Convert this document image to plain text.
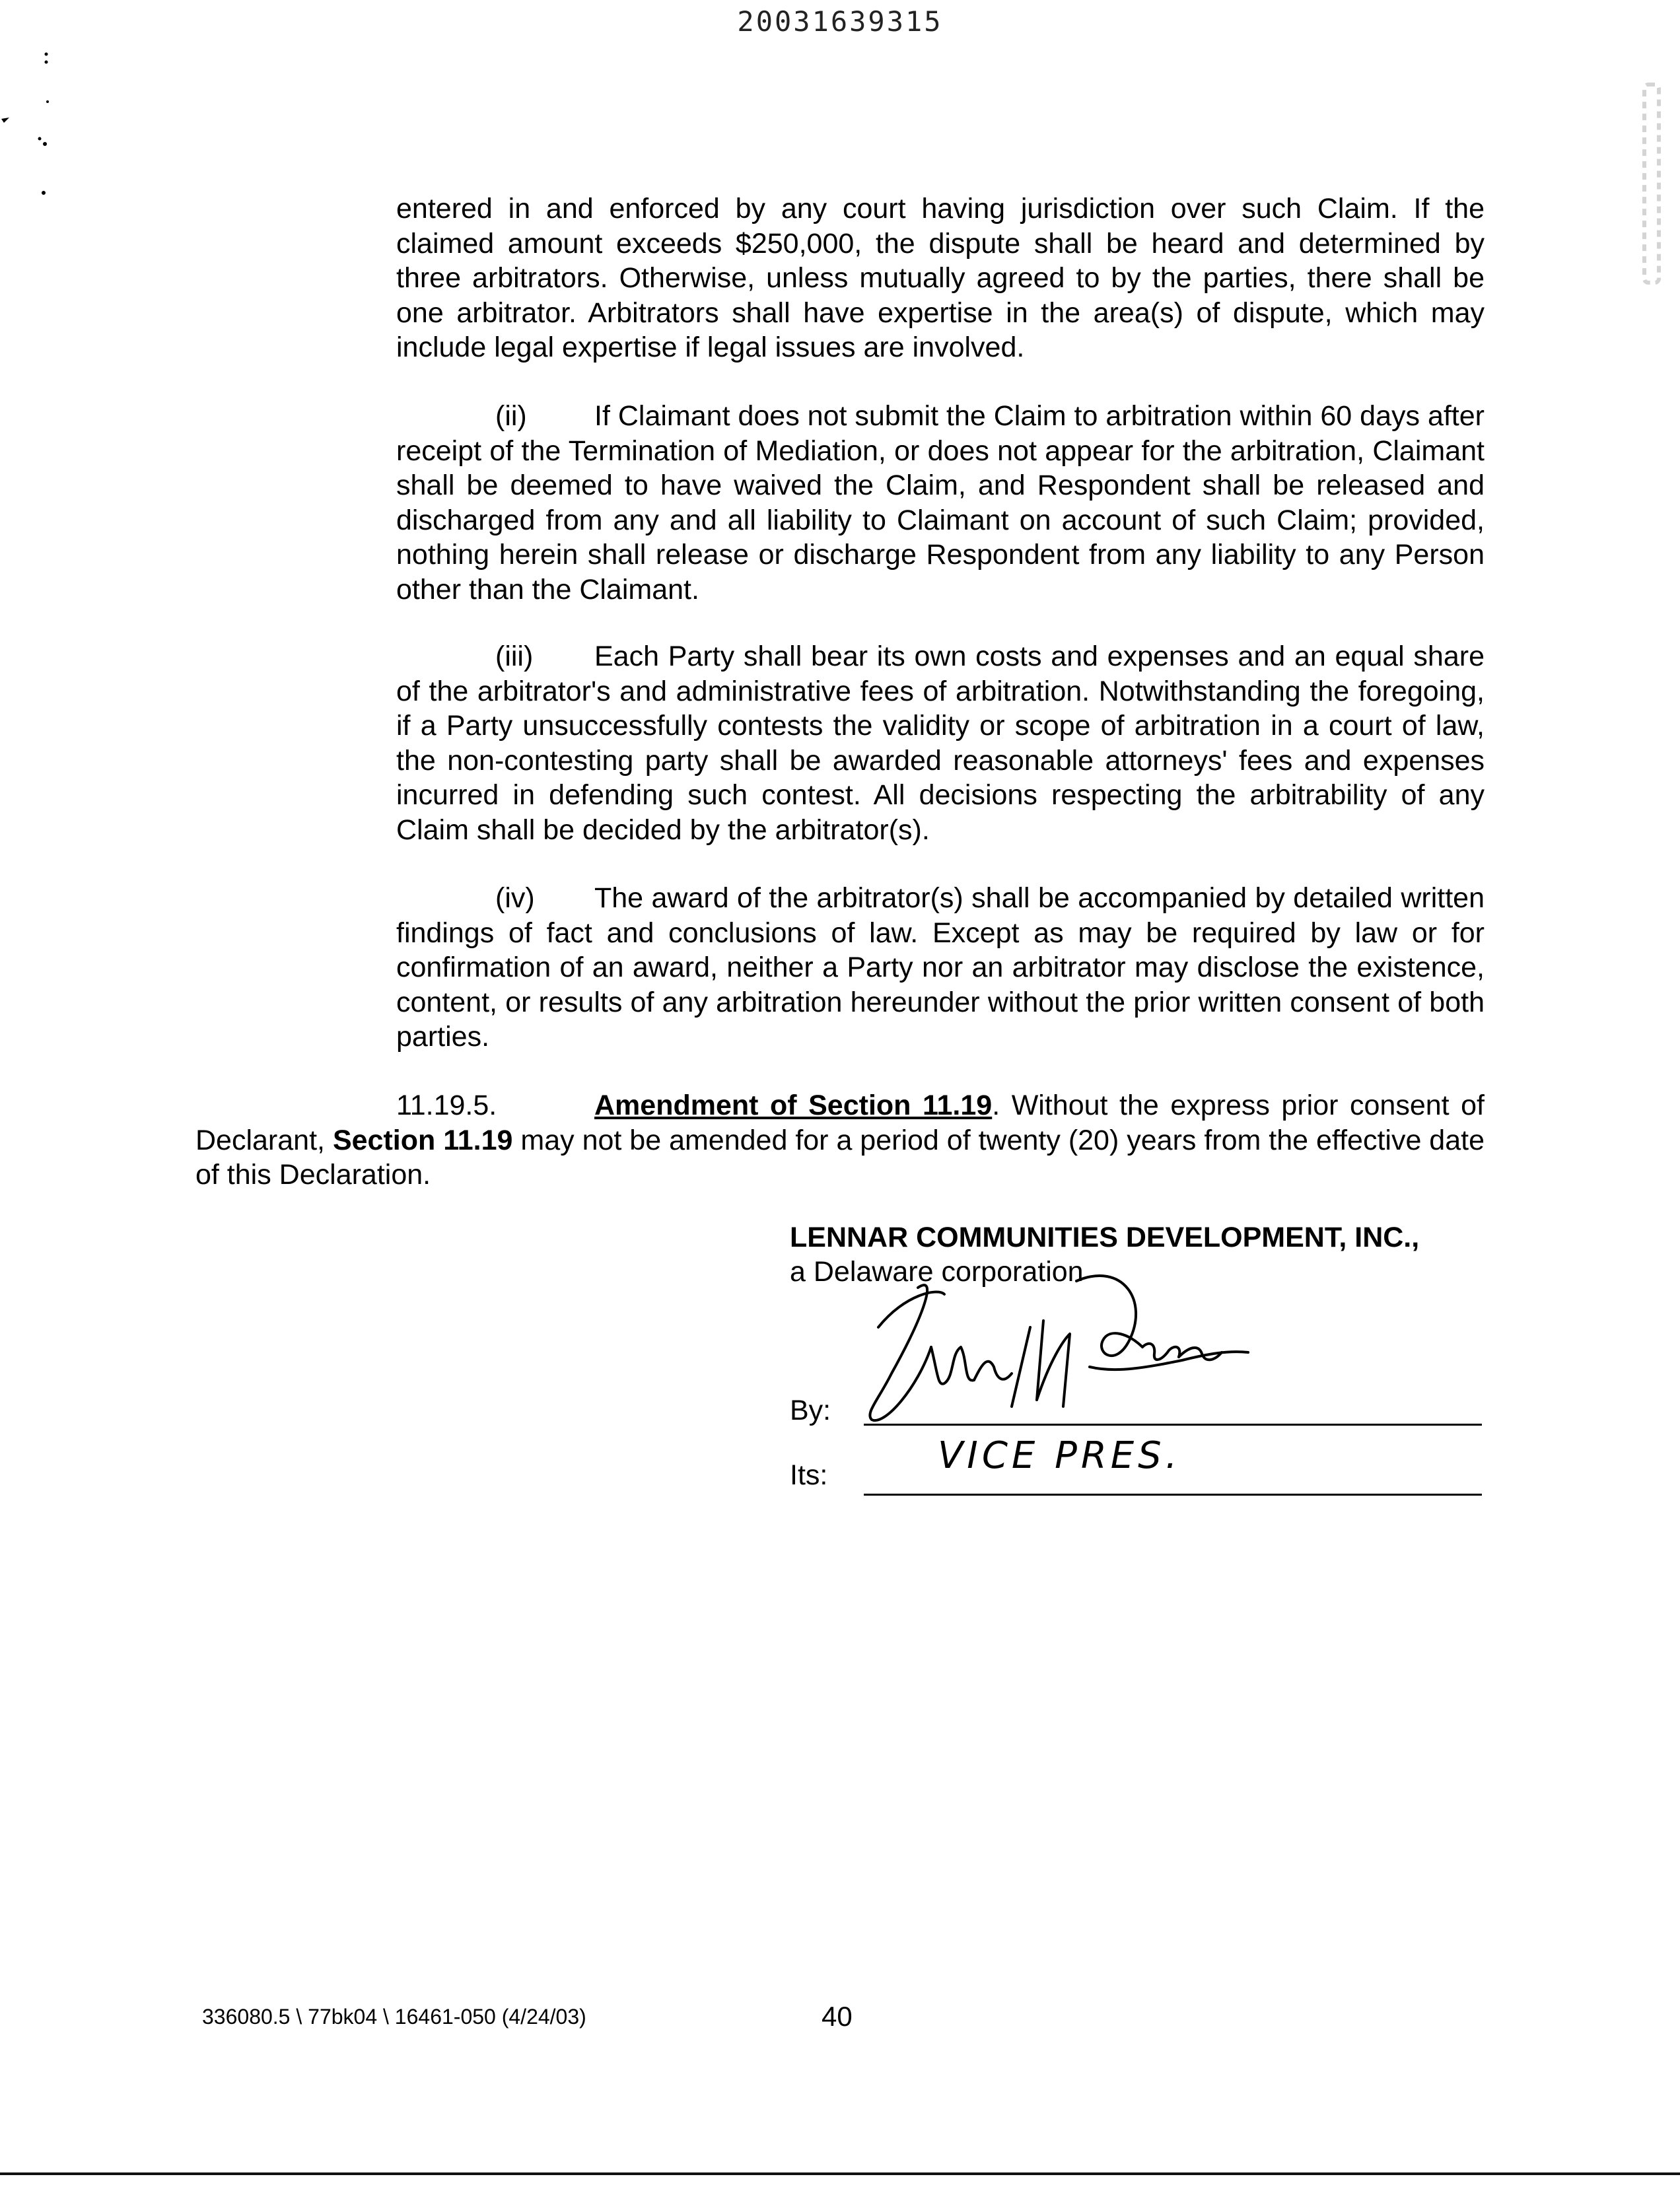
20031639315

entered in and enforced by any court having jurisdiction over such Claim. If the claimed amount exceeds $250,000, the dispute shall be heard and determined by three arbitrators. Otherwise, unless mutually agreed to by the parties, there shall be one arbitrator. Arbitrators shall have expertise in the area(s) of dispute, which may include legal expertise if legal issues are involved.

(ii) If Claimant does not submit the Claim to arbitration within 60 days after receipt of the Termination of Mediation, or does not appear for the arbitration, Claimant shall be deemed to have waived the Claim, and Respondent shall be released and discharged from any and all liability to Claimant on account of such Claim; provided, nothing herein shall release or discharge Respondent from any liability to any Person other than the Claimant.

(iii) Each Party shall bear its own costs and expenses and an equal share of the arbitrator's and administrative fees of arbitration. Notwithstanding the foregoing, if a Party unsuccessfully contests the validity or scope of arbitration in a court of law, the non-contesting party shall be awarded reasonable attorneys' fees and expenses incurred in defending such contest. All decisions respecting the arbitrability of any Claim shall be decided by the arbitrator(s).

(iv) The award of the arbitrator(s) shall be accompanied by detailed written findings of fact and conclusions of law. Except as may be required by law or for confirmation of an award, neither a Party nor an arbitrator may disclose the existence, content, or results of any arbitration hereunder without the prior written consent of both parties.

11.19.5.	Amendment of Section 11.19. Without the express prior consent of Declarant, Section 11.19 may not be amended for a period of twenty (20) years from the effective date of this Declaration.

LENNAR COMMUNITIES DEVELOPMENT, INC.,
a Delaware corporation
By:
Its:	VICE PRES.
336080.5 \ 77bk04 \ 16461-050 (4/24/03)	40
